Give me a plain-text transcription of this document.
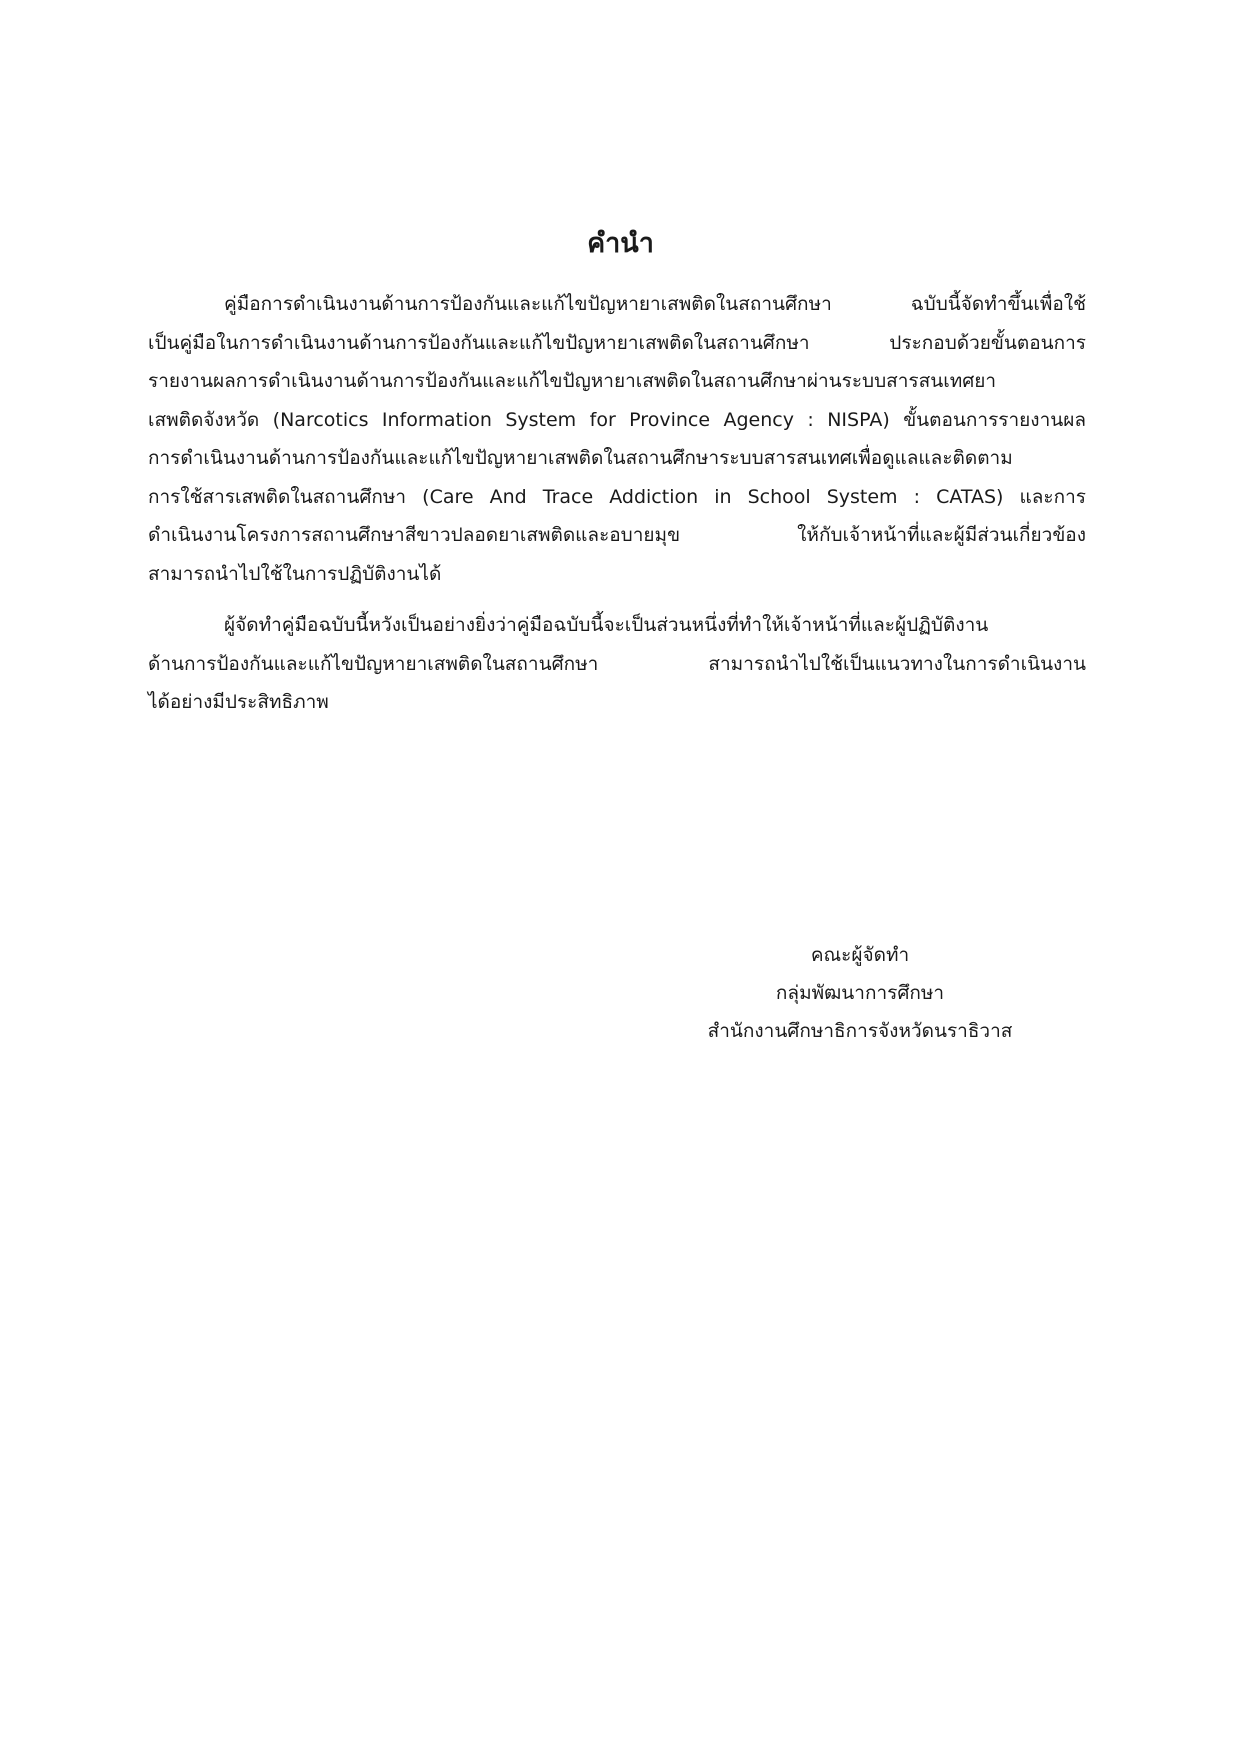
คำนำ
คู่มือการดำเนินงานด้านการป้องกันและแก้ไขปัญหายาเสพติดในสถานศึกษา ฉบับนี้จัดทำขึ้นเพื่อใช้
เป็นคู่มือในการดำเนินงานด้านการป้องกันและแก้ไขปัญหายาเสพติดในสถานศึกษา ประกอบด้วยขั้นตอนการ
รายงานผลการดำเนินงานด้านการป้องกันและแก้ไขปัญหายาเสพติดในสถานศึกษาผ่านระบบสารสนเทศยา
เสพติดจังหวัด (Narcotics Information System for Province Agency : NISPA) ขั้นตอนการรายงานผล
การดำเนินงานด้านการป้องกันและแก้ไขปัญหายาเสพติดในสถานศึกษาระบบสารสนเทศเพื่อดูแลและติดตาม
การใช้สารเสพติดในสถานศึกษา (Care And Trace Addiction in School System : CATAS) และการ
ดำเนินงานโครงการสถานศึกษาสีขาวปลอดยาเสพติดและอบายมุข ให้กับเจ้าหน้าที่และผู้มีส่วนเกี่ยวข้อง
สามารถนำไปใช้ในการปฏิบัติงานได้
ผู้จัดทำคู่มือฉบับนี้หวังเป็นอย่างยิ่งว่าคู่มือฉบับนี้จะเป็นส่วนหนึ่งที่ทำให้เจ้าหน้าที่และผู้ปฏิบัติงาน
ด้านการป้องกันและแก้ไขปัญหายาเสพติดในสถานศึกษา สามารถนำไปใช้เป็นแนวทางในการดำเนินงาน
ได้อย่างมีประสิทธิภาพ
คณะผู้จัดทำ
กลุ่มพัฒนาการศึกษา
สำนักงานศึกษาธิการจังหวัดนราธิวาส
